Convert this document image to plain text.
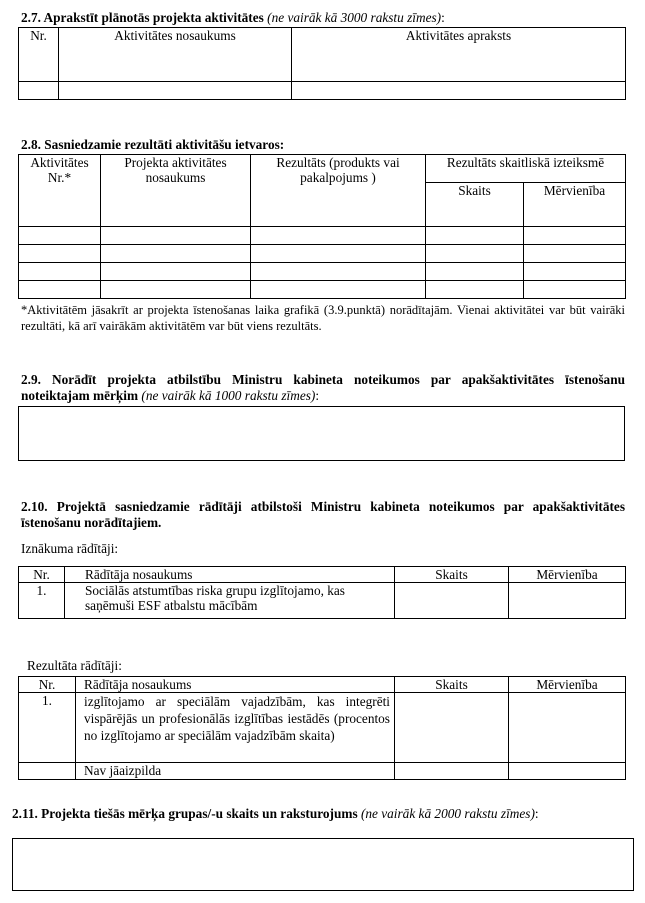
2.7. Aprakstīt plānotās projekta aktivitātes (ne vairāk kā 3000 rakstu zīmes):
Nr.	Aktivitātes nosaukums	Aktivitātes apraksts

2.8. Sasniedzamie rezultāti aktivitāšu ietvaros:
Aktivitātes Nr.*	Projekta aktivitātes nosaukums	Rezultāts (produkts vai pakalpojums )	Rezultāts skaitliskā izteiksmē	
			Skaits	Mērvienība

*Aktivitātēm jāsakrīt ar projekta īstenošanas laika grafikā (3.9.punktā) norādītajām. Vienai aktivitātei var būt vairāki rezultāti, kā arī vairākām aktivitātēm var būt viens rezultāts.
2.9. Norādīt projekta atbilstību Ministru kabineta noteikumos par apakšaktivitātes īstenošanu noteiktajam mērķim (ne vairāk kā 1000 rakstu zīmes):
2.10. Projektā sasniedzamie rādītāji atbilstoši Ministru kabineta noteikumos par apakšaktivitātes īstenošanu norādītajiem.
Iznākuma rādītāji:
Nr.	Rādītāja nosaukums	Skaits	Mērvienība
1.	Sociālās atstumtības riska grupu izglītojamo, kas saņēmuši ESF atbalstu mācībām		
Rezultāta rādītāji:
Nr.	Rādītāja nosaukums	Skaits	Mērvienība
1.	izglītojamo ar speciālām vajadzībām, kas integrēti vispārējās un profesionālās izglītības iestādēs (procentos no izglītojamo ar speciālām vajadzībām skaita)		
	Nav jāaizpilda		
2.11. Projekta tiešās mērķa grupas/-u skaits un raksturojums (ne vairāk kā 2000 rakstu zīmes):
